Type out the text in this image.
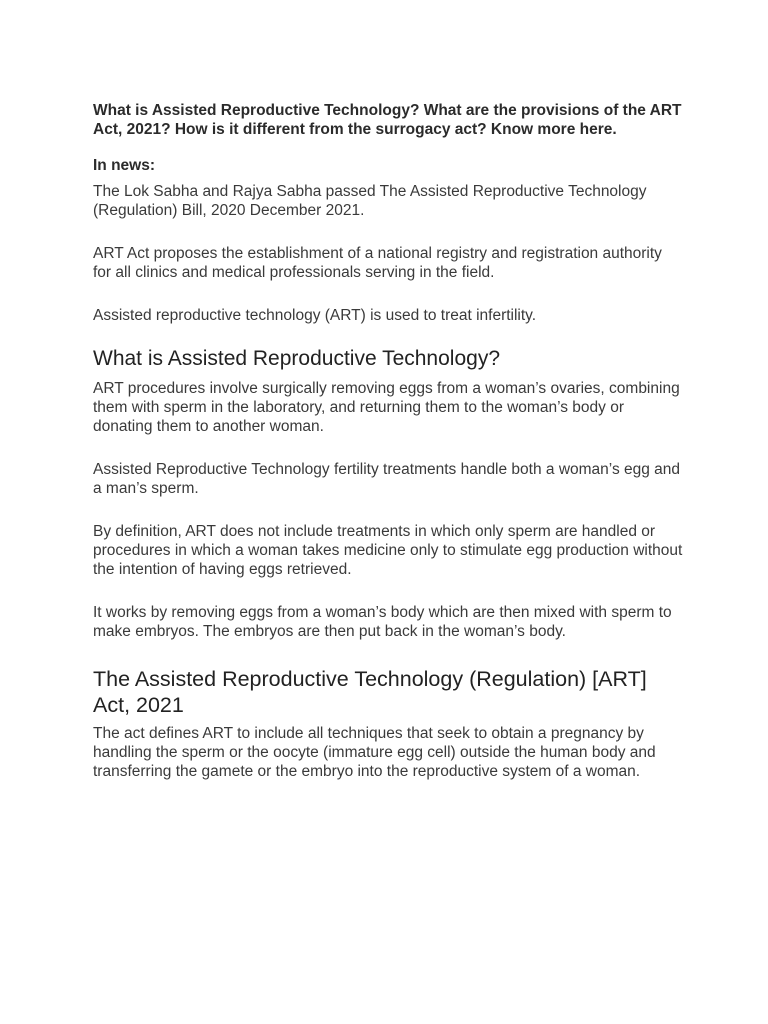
What is Assisted Reproductive Technology? What are the provisions of the ART Act, 2021? How is it different from the surrogacy act? Know more here.

In news:

The Lok Sabha and Rajya Sabha passed The Assisted Reproductive Technology (Regulation) Bill, 2020 December 2021.

ART Act proposes the establishment of a national registry and registration authority for all clinics and medical professionals serving in the field.

Assisted reproductive technology (ART) is used to treat infertility.

What is Assisted Reproductive Technology?

ART procedures involve surgically removing eggs from a woman’s ovaries, combining them with sperm in the laboratory, and returning them to the woman’s body or donating them to another woman.

Assisted Reproductive Technology fertility treatments handle both a woman’s egg and a man’s sperm.

By definition, ART does not include treatments in which only sperm are handled or procedures in which a woman takes medicine only to stimulate egg production without the intention of having eggs retrieved.

It works by removing eggs from a woman’s body which are then mixed with sperm to make embryos. The embryos are then put back in the woman’s body.

The Assisted Reproductive Technology (Regulation) [ART] Act, 2021

The act defines ART to include all techniques that seek to obtain a pregnancy by handling the sperm or the oocyte (immature egg cell) outside the human body and transferring the gamete or the embryo into the reproductive system of a woman.
